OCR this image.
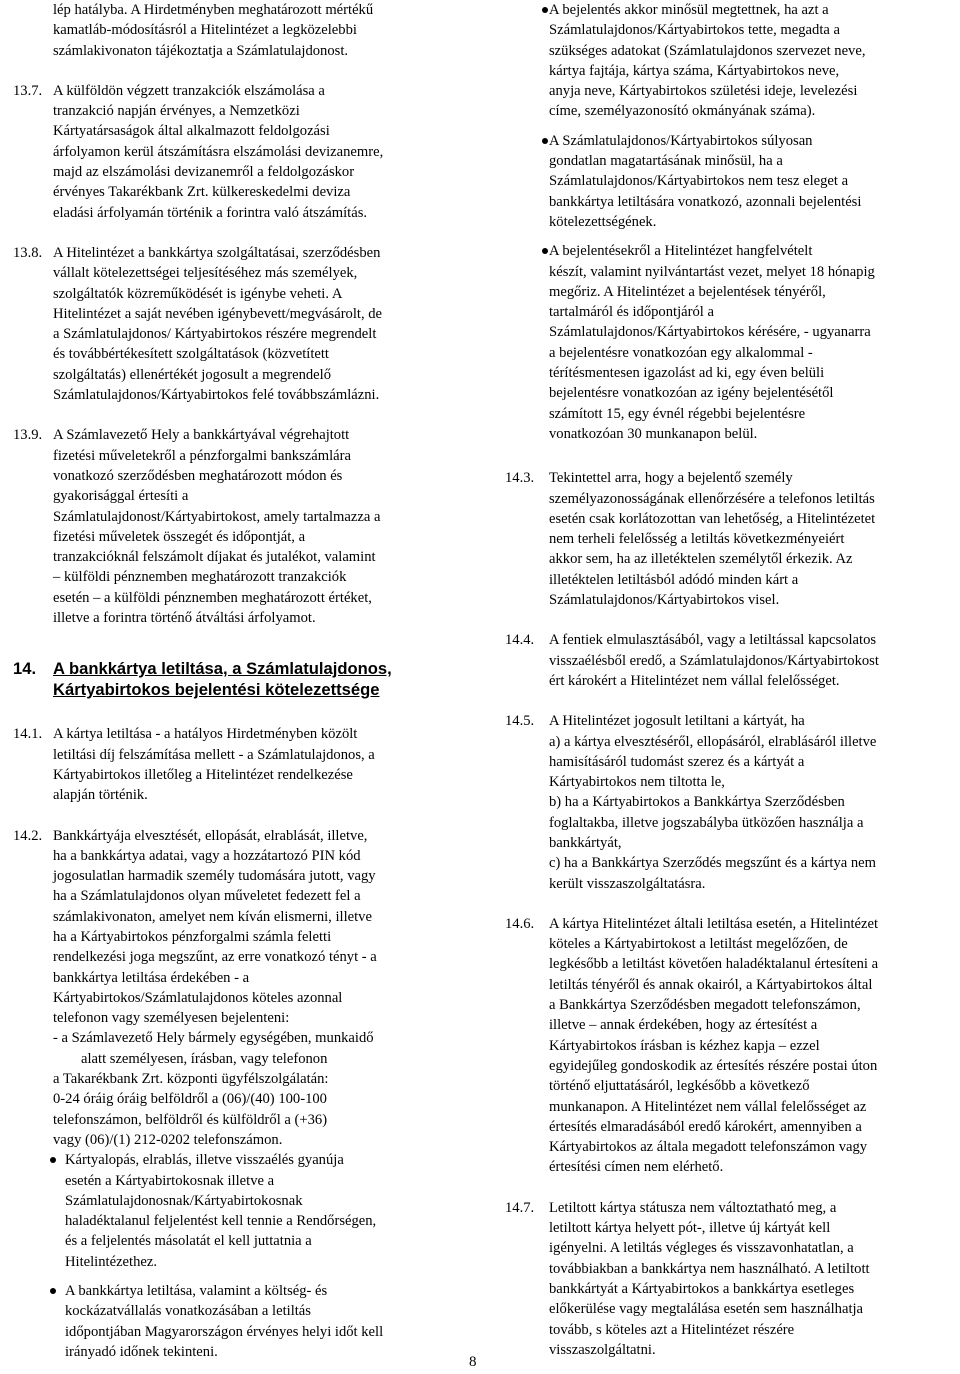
lép hatályba. A Hirdetményben meghatározott mértékű

kamatláb-módosításról a Hitelintézet a legközelebbi

számlakivonaton tájékoztatja a Számlatulajdonost.

13.7. A külföldön végzett tranzakciók elszámolása a

tranzakció napján érvényes, a Nemzetközi

Kártyatársaságok által alkalmazott feldolgozási

árfolyamon kerül átszámításra elszámolási devizanemre,

majd az elszámolási devizanemről a feldolgozáskor

érvényes Takarékbank Zrt. külkereskedelmi deviza

eladási árfolyamán történik a forintra való átszámítás.

13.8. A Hitelintézet a bankkártya szolgáltatásai, szerződésben

vállalt kötelezettségei teljesítéséhez más személyek,

szolgáltatók közreműködését is igénybe veheti. A

Hitelintézet a saját nevében igénybevett/megvásárolt, de

a Számlatulajdonos/ Kártyabirtokos részére megrendelt

és továbbértékesített szolgáltatások (közvetített

szolgáltatás) ellenértékét jogosult a megrendelő

Számlatulajdonos/Kártyabirtokos felé továbbszámlázni.

13.9. A Számlavezető Hely a bankkártyával végrehajtott

fizetési műveletekről a pénzforgalmi bankszámlára

vonatkozó szerződésben meghatározott módon és

gyakorisággal értesíti a

Számlatulajdonost/Kártyabirtokost, amely tartalmazza a

fizetési műveletek összegét és időpontját, a

tranzakcióknál felszámolt díjakat és jutalékot, valamint

– külföldi pénznemben meghatározott tranzakciók

esetén – a külföldi pénznemben meghatározott értéket,

illetve a forintra történő átváltási árfolyamot.

14. A bankkártya letiltása, a Számlatulajdonos,
Kártyabirtokos bejelentési kötelezettsége
14.1. A kártya letiltása - a hatályos Hirdetményben közölt

letiltási díj felszámítása mellett - a Számlatulajdonos, a

Kártyabirtokos illetőleg a Hitelintézet rendelkezése

alapján történik.

14.2. Bankkártyája elvesztését, ellopását, elrablását, illetve,

ha a bankkártya adatai, vagy a hozzátartozó PIN kód

jogosulatlan harmadik személy tudomására jutott, vagy

ha a Számlatulajdonos olyan műveletet fedezett fel a

számlakivonaton, amelyet nem kíván elismerni, illetve

ha a Kártyabirtokos pénzforgalmi számla feletti

rendelkezési joga megszűnt, az erre vonatkozó tényt - a

bankkártya letiltása érdekében - a

Kártyabirtokos/Számlatulajdonos köteles azonnal

telefonon vagy személyesen bejelenteni:

- a Számlavezető Hely bármely egységében, munkaidő

alatt személyesen, írásban, vagy telefonon

a Takarékbank Zrt. központi ügyfélszolgálatán:

0-24 óráig óráig belföldről a (06)/(40) 100-100

telefonszámon, belföldről és külföldről a (+36)

vagy (06)/(1) 212-0202 telefonszámon.

Kártyalopás, elrablás, illetve visszaélés gyanúja

esetén a Kártyabirtokosnak illetve a

Számlatulajdonosnak/Kártyabirtokosnak

haladéktalanul feljelentést kell tennie a Rendőrségen,

és a feljelentés másolatát el kell juttatnia a

Hitelintézethez.

A bankkártya letiltása, valamint a költség- és

kockázatvállalás vonatkozásában a letiltás

időpontjában Magyarországon érvényes helyi időt kell

irányadó időnek tekinteni.

A bejelentés akkor minősül megtettnek, ha azt a

Számlatulajdonos/Kártyabirtokos tette, megadta a

szükséges adatokat (Számlatulajdonos szervezet neve,

kártya fajtája, kártya száma, Kártyabirtokos neve,

anyja neve, Kártyabirtokos születési ideje, levelezési

címe, személyazonosító okmányának száma).

A Számlatulajdonos/Kártyabirtokos súlyosan

gondatlan magatartásának minősül, ha a

Számlatulajdonos/Kártyabirtokos nem tesz eleget a

bankkártya letiltására vonatkozó, azonnali bejelentési

kötelezettségének.

A bejelentésekről a Hitelintézet hangfelvételt

készít, valamint nyilvántartást vezet, melyet 18 hónapig

megőriz. A Hitelintézet a bejelentések tényéről,

tartalmáról és időpontjáról a

Számlatulajdonos/Kártyabirtokos kérésére, - ugyanarra

a bejelentésre vonatkozóan egy alkalommal -

térítésmentesen igazolást ad ki, egy éven belüli

bejelentésre vonatkozóan az igény bejelentésétől

számított 15, egy évnél régebbi bejelentésre

vonatkozóan 30 munkanapon belül.

14.3. Tekintettel arra, hogy a bejelentő személy

személyazonosságának ellenőrzésére a telefonos letiltás

esetén csak korlátozottan van lehetőség, a Hitelintézetet

nem terheli felelősség a letiltás következményeiért

akkor sem, ha az illetéktelen személytől érkezik. Az

illetéktelen letiltásból adódó minden kárt a

Számlatulajdonos/Kártyabirtokos visel.

14.4. A fentiek elmulasztásából, vagy a letiltással kapcsolatos

visszaélésből eredő, a Számlatulajdonos/Kártyabirtokost

ért károkért a Hitelintézet nem vállal felelősséget.

14.5. A Hitelintézet jogosult letiltani a kártyát, ha

a) a kártya elvesztéséről, ellopásáról, elrablásáról illetve

hamisításáról tudomást szerez és a kártyát a

Kártyabirtokos nem tiltotta le,

b) ha a Kártyabirtokos a Bankkártya Szerződésben

foglaltakba, illetve jogszabályba ütközően használja a

bankkártyát,

c) ha a Bankkártya Szerződés megszűnt és a kártya nem

került visszaszolgáltatásra.

14.6. A kártya Hitelintézet általi letiltása esetén, a Hitelintézet

köteles a Kártyabirtokost a letiltást megelőzően, de

legkésőbb a letiltást követően haladéktalanul értesíteni a

letiltás tényéről és annak okairól, a Kártyabirtokos által

a Bankkártya Szerződésben megadott telefonszámon,

illetve – annak érdekében, hogy az értesítést a

Kártyabirtokos írásban is kézhez kapja – ezzel

egyidejűleg gondoskodik az értesítés részére postai úton

történő eljuttatásáról, legkésőbb a következő

munkanapon. A Hitelintézet nem vállal felelősséget az

értesítés elmaradásából eredő károkért, amennyiben a

Kártyabirtokos az általa megadott telefonszámon vagy

értesítési címen nem elérhető.

14.7. Letiltott kártya státusza nem változtatható meg, a

letiltott kártya helyett pót-, illetve új kártyát kell

igényelni. A letiltás végleges és visszavonhatatlan, a

továbbiakban a bankkártya nem használható. A letiltott

bankkártyát a Kártyabirtokos a bankkártya esetleges

előkerülése vagy megtalálása esetén sem használhatja

tovább, s köteles azt a Hitelintézet részére

visszaszolgáltatni.

8
